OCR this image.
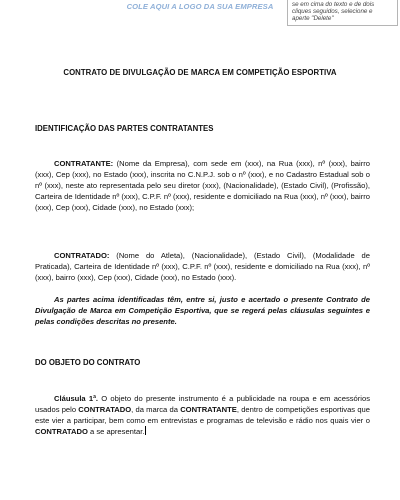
COLE AQUI A LOGO DA SUA EMPRESA	se em cima do texto e de dois
cliques seguidos, selecione e
aperte "Delete"
CONTRATO DE DIVULGAÇÃO DE MARCA EM COMPETIÇÃO ESPORTIVA
IDENTIFICAÇÃO DAS PARTES CONTRATANTES
CONTRATANTE: (Nome da Empresa), com sede em (xxx), na Rua (xxx), nº (xxx), bairro (xxx), Cep (xxx), no Estado (xxx), inscrita no C.N.P.J. sob o nº (xxx), e no Cadastro Estadual sob o nº (xxx), neste ato representada pelo seu diretor (xxx), (Nacionalidade), (Estado Civil), (Profissão), Carteira de Identidade nº (xxx), C.P.F. nº (xxx), residente e domiciliado na Rua (xxx), nº (xxx), bairro (xxx), Cep (xxx), Cidade (xxx), no Estado (xxx);
CONTRATADO: (Nome do Atleta), (Nacionalidade), (Estado Civil), (Modalidade de Praticada), Carteira de Identidade nº (xxx), C.P.F. nº (xxx), residente e domiciliado na Rua (xxx), nº (xxx), bairro (xxx), Cep (xxx), Cidade (xxx), no Estado (xxx).
As partes acima identificadas têm, entre si, justo e acertado o presente Contrato de Divulgação de Marca em Competição Esportiva, que se regerá pelas cláusulas seguintes e pelas condições descritas no presente.
DO OBJETO DO CONTRATO
Cláusula 1ª. O objeto do presente instrumento é a publicidade na roupa e em acessórios usados pelo CONTRATADO, da marca da CONTRATANTE, dentro de competições esportivas que este vier a participar, bem como em entrevistas e programas de televisão e rádio nos quais vier o CONTRATADO a se apresentar.
